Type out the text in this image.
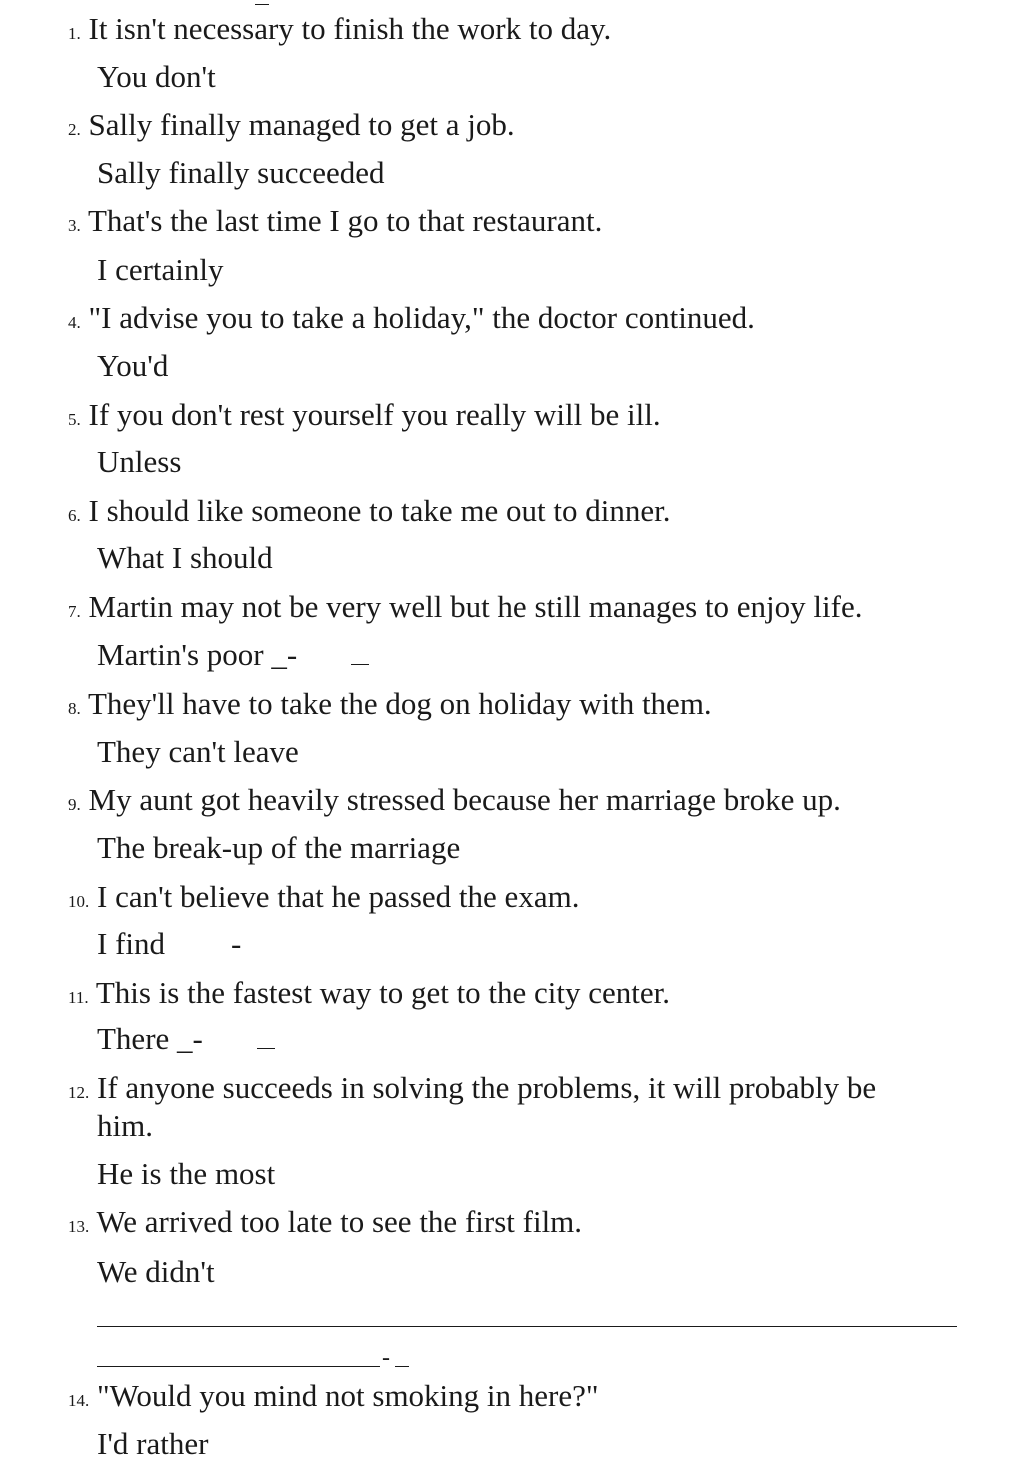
1. It isn't necessary to finish the work to day.
You don't
2. Sally finally managed to get a job.
Sally finally succeeded
3. That's the last time I go to that restaurant.
I certainly
4. "I advise you to take a holiday," the doctor continued.
You'd
5. If you don't rest yourself you really will be ill.
Unless
6. I should like someone to take me out to dinner.
What I should
7. Martin may not be very well but he still manages to enjoy life.
Martin's poor _-
8. They'll have to take the dog on holiday with them.
They can't leave
9. My aunt got heavily stressed because her marriage broke up.
The break-up of the marriage
10. I can't believe that he passed the exam.
I find -
11. This is the fastest way to get to the city center.
There _-
12. If anyone succeeds in solving the problems, it will probably be
him.
He is the most
13. We arrived too late to see the first film.
We didn't
-
14. "Would you mind not smoking in here?"
I'd rather
